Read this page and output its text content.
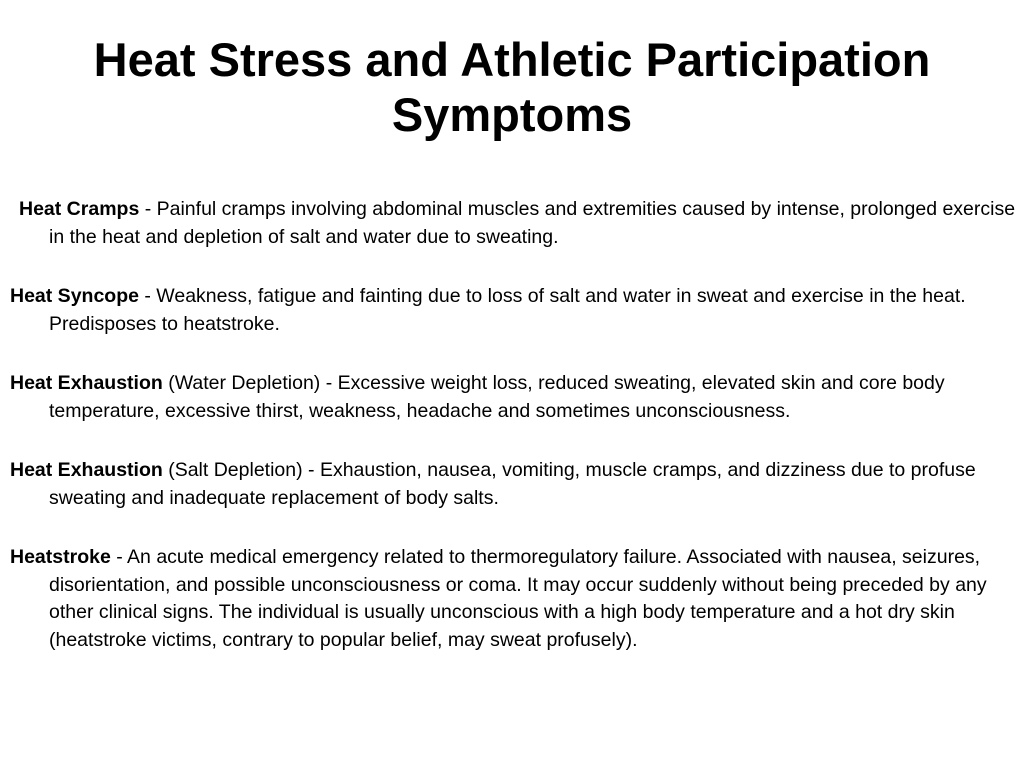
Heat Stress and Athletic Participation Symptoms
Heat Cramps - Painful cramps involving abdominal muscles and extremities caused by intense, prolonged exercise in the heat and depletion of salt and water due to sweating.
Heat Syncope - Weakness, fatigue and fainting due to loss of salt and water in sweat and exercise in the heat. Predisposes to heatstroke.
Heat Exhaustion (Water Depletion) - Excessive weight loss, reduced sweating, elevated skin and core body temperature, excessive thirst, weakness, headache and sometimes unconsciousness.
Heat Exhaustion (Salt Depletion) - Exhaustion, nausea, vomiting, muscle cramps, and dizziness due to profuse sweating and inadequate replacement of body salts.
Heatstroke - An acute medical emergency related to thermoregulatory failure. Associated with nausea, seizures, disorientation, and possible unconsciousness or coma. It may occur suddenly without being preceded by any other clinical signs. The individual is usually unconscious with a high body temperature and a hot dry skin (heatstroke victims, contrary to popular belief, may sweat profusely).
